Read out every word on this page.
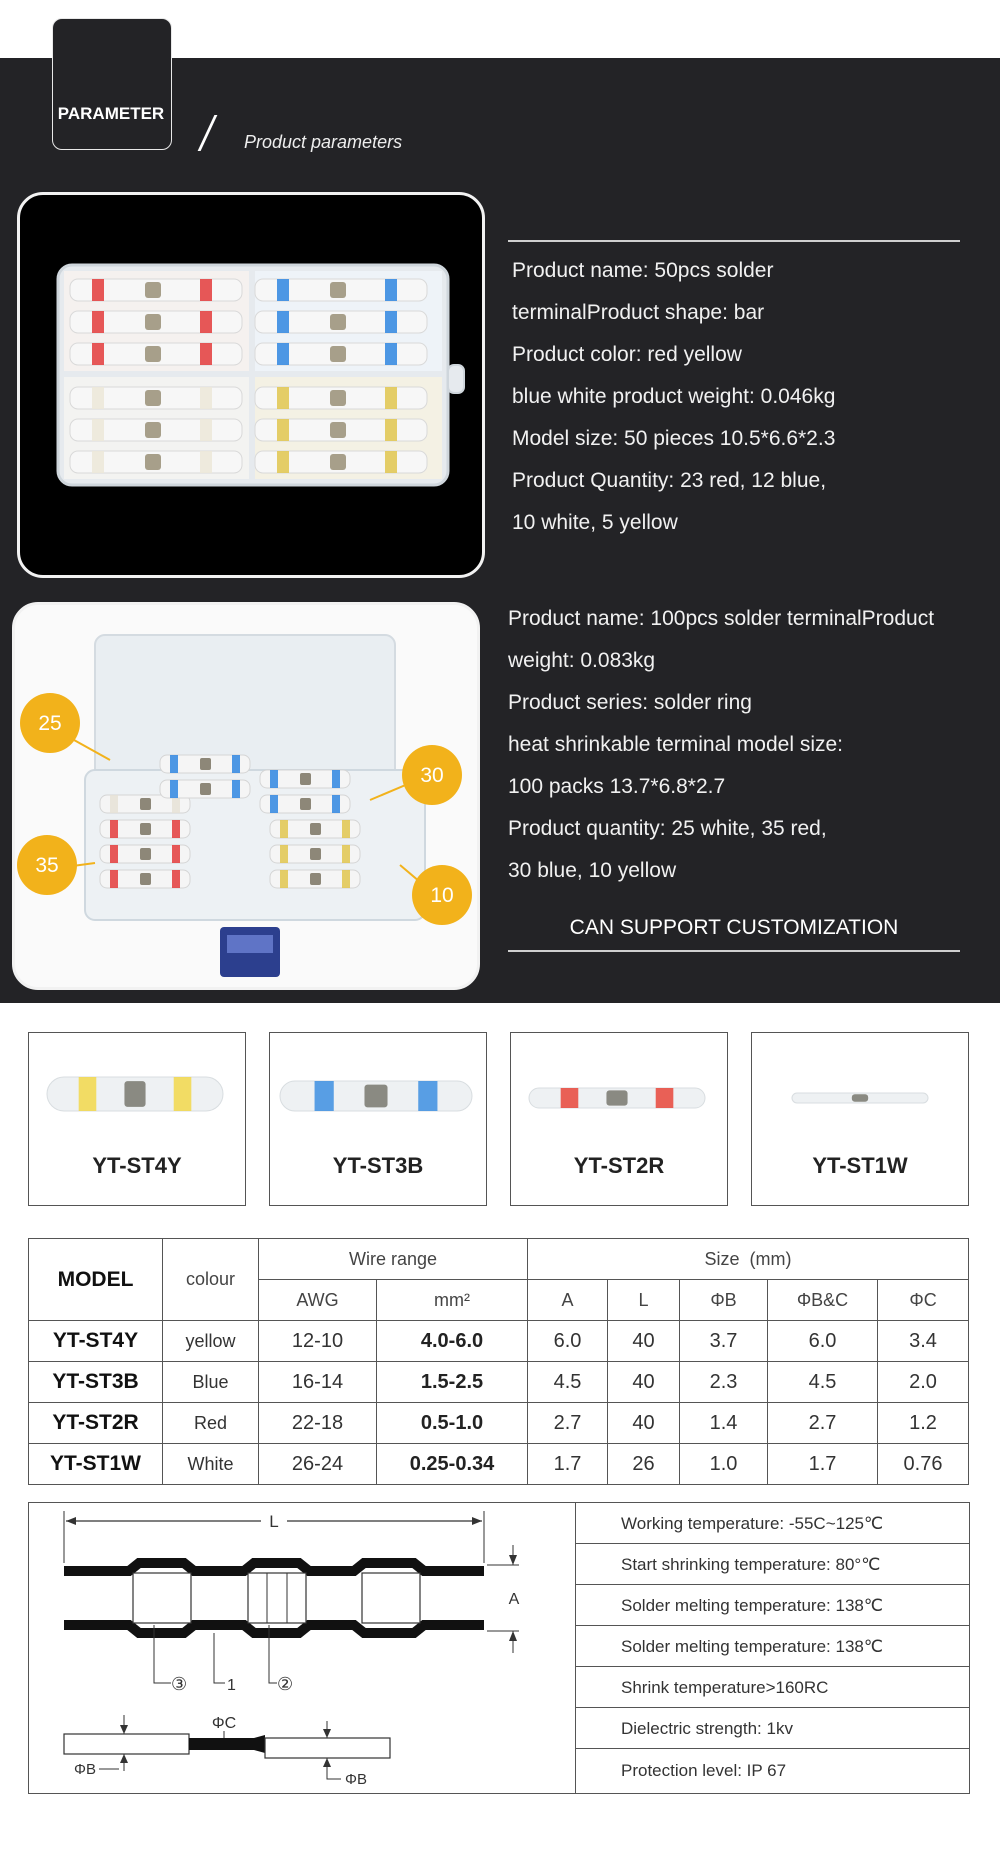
PARAMETER
Product parameters
Product name: 50pcs solder
terminalProduct shape: bar
Product color: red yellow
blue white product weight: 0.046kg
Model size: 50 pieces 10.5*6.6*2.3
Product Quantity: 23 red, 12 blue,
10 white, 5 yellow
25
30
35
10
Product name: 100pcs solder terminalProduct
weight: 0.083kg
Product series: solder ring
heat shrinkable terminal model size:
100 packs 13.7*6.8*2.7
Product quantity: 25 white, 35 red,
30 blue, 10 yellow
CAN SUPPORT CUSTOMIZATION
YT-ST4Y	YT-ST3B	YT-ST2R	YT-ST1W
MODEL	colour	Wire range		Size (mm)				
		AWG	mm²	A	L	ΦB	ΦB&C	ΦC
YT-ST4Y	yellow	12-10	4.0-6.0	6.0	40	3.7	6.0	3.4
YT-ST3B	Blue	16-14	1.5-2.5	4.5	40	2.3	4.5	2.0
YT-ST2R	Red	22-18	0.5-1.0	2.7	40	1.4	2.7	1.2
YT-ST1W	White	26-24	0.25-0.34	1.7	26	1.0	1.7	0.76
L
A
③ 1 ②
ΦB
ΦC
ΦB
Working temperature: -55C~125℃
Start shrinking temperature: 80°℃
Solder melting temperature: 138℃
Solder melting temperature: 138℃
Shrink temperature>160RC
Dielectric strength: 1kv
Protection level: IP 67
